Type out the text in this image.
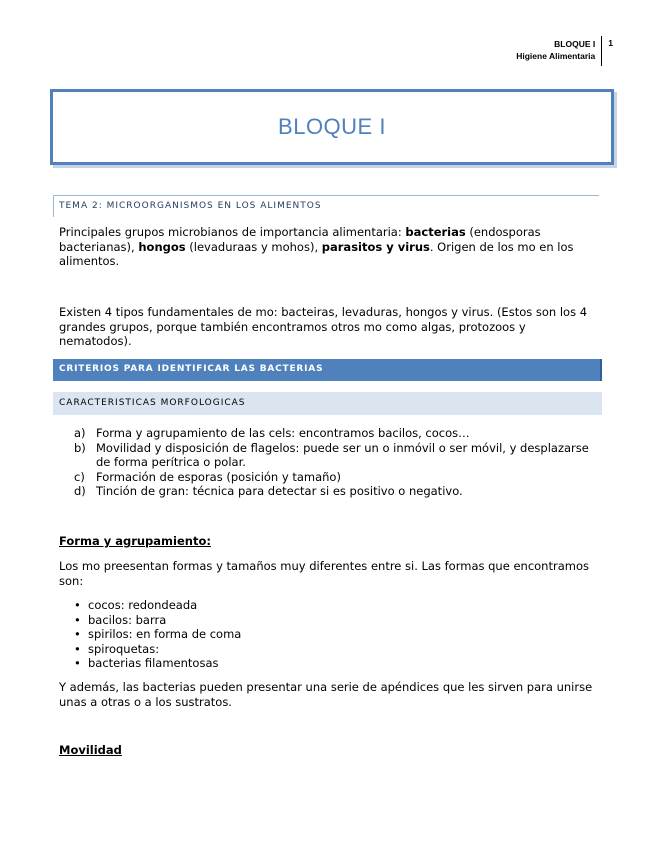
BLOQUE I
Higiene Alimentaria
1
BLOQUE I
TEMA 2: MICROORGANISMOS EN LOS ALIMENTOS

Principales grupos microbianos de importancia alimentaria: bacterias (endosporas bacterianas), hongos (levaduraas y mohos), parasitos y virus. Origen de los mo en los alimentos.

Existen 4 tipos fundamentales de mo: bacteiras, levaduras, hongos y virus. (Estos son los 4 grandes grupos, porque también encontramos otros mo como algas, protozoos y nematodos).

CRITERIOS PARA IDENTIFICAR LAS BACTERIAS
CARACTERISTICAS MORFOLOGICAS
a) Forma y agrupamiento de las cels: encontramos bacilos, cocos…
b) Movilidad y disposición de flagelos: puede ser un o inmóvil o ser móvil, y desplazarse de forma perítrica o polar.
c) Formación de esporas (posición y tamaño)
d) Tinción de gran: técnica para detectar si es positivo o negativo.
Forma y agrupamiento:

Los mo preesentan formas y tamaños muy diferentes entre si. Las formas que encontramos son:

• cocos: redondeada
• bacilos: barra
• spirilos: en forma de coma
• spiroquetas:
• bacterias filamentosas

Y además, las bacterias pueden presentar una serie de apéndices que les sirven para unirse unas a otras o a los sustratos.

Movilidad
